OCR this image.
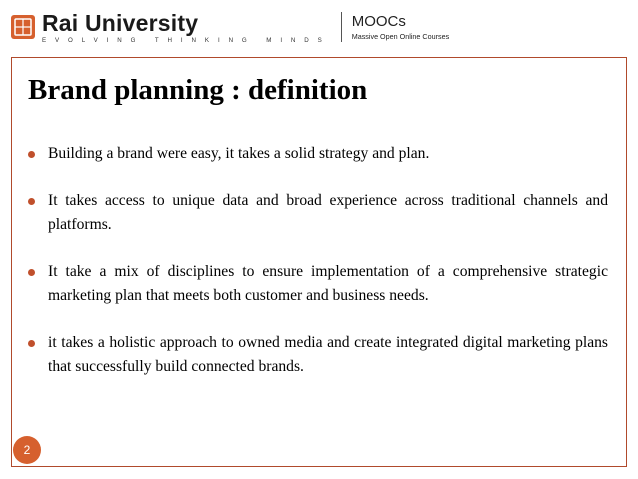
Rai University
EVOLVING THINKING MINDS
MOOCs
Massive Open Online Courses
Brand planning : definition
Building a brand were easy, it takes a solid strategy and plan.
It takes access to unique data and broad experience across traditional channels and platforms.
It take a mix of disciplines to ensure implementation of a comprehensive strategic marketing plan that meets both customer and business needs.
it takes a holistic approach to owned media and create integrated digital marketing plans that successfully build connected brands.
2
